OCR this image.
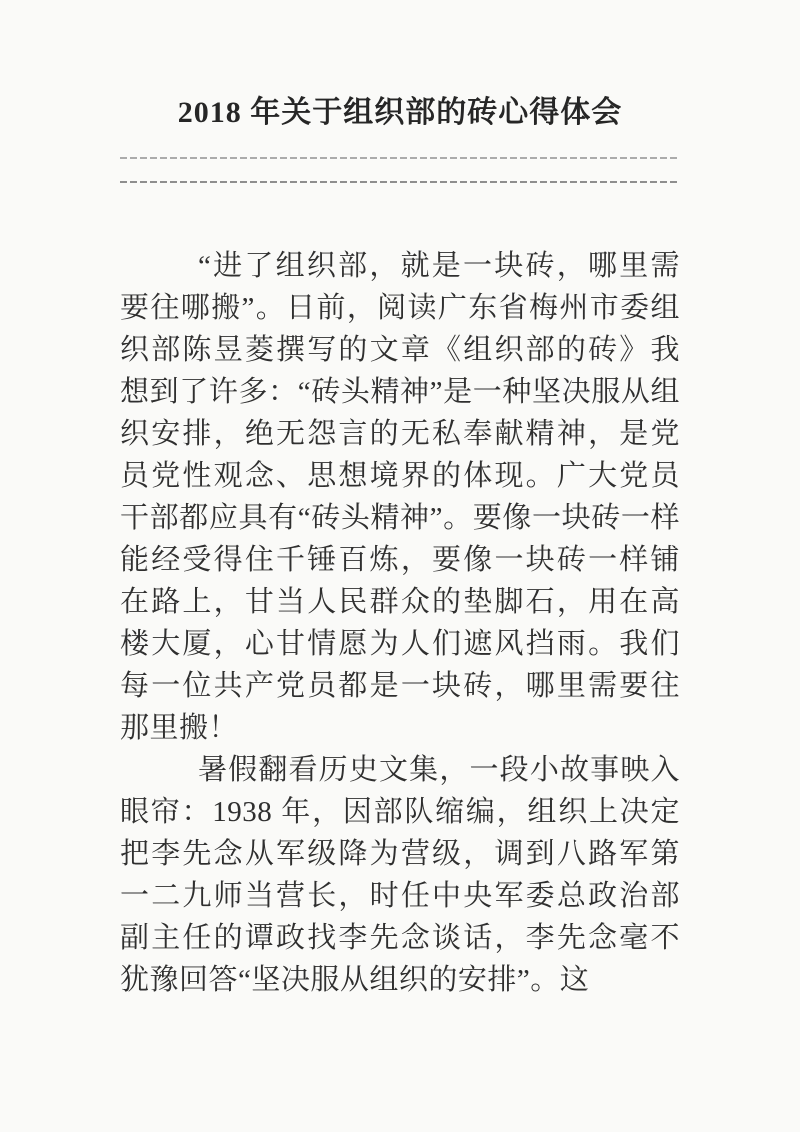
2018 年关于组织部的砖心得体会

“进了组织部，就是一块砖，哪里需要往哪搬”。日前，阅读广东省梅州市委组织部陈昱菱撰写的文章《组织部的砖》我想到了许多：“砖头精神”是一种坚决服从组织安排，绝无怨言的无私奉献精神，是党员党性观念、思想境界的体现。广大党员干部都应具有“砖头精神”。要像一块砖一样能经受得住千锤百炼，要像一块砖一样铺在路上，甘当人民群众的垫脚石，用在高楼大厦，心甘情愿为人们遮风挡雨。我们每一位共产党员都是一块砖，哪里需要往那里搬！

暑假翻看历史文集，一段小故事映入眼帘：1938 年，因部队缩编，组织上决定把李先念从军级降为营级，调到八路军第一二九师当营长，时任中央军委总政治部副主任的谭政找李先念谈话，李先念毫不犹豫回答“坚决服从组织的安排”。这
